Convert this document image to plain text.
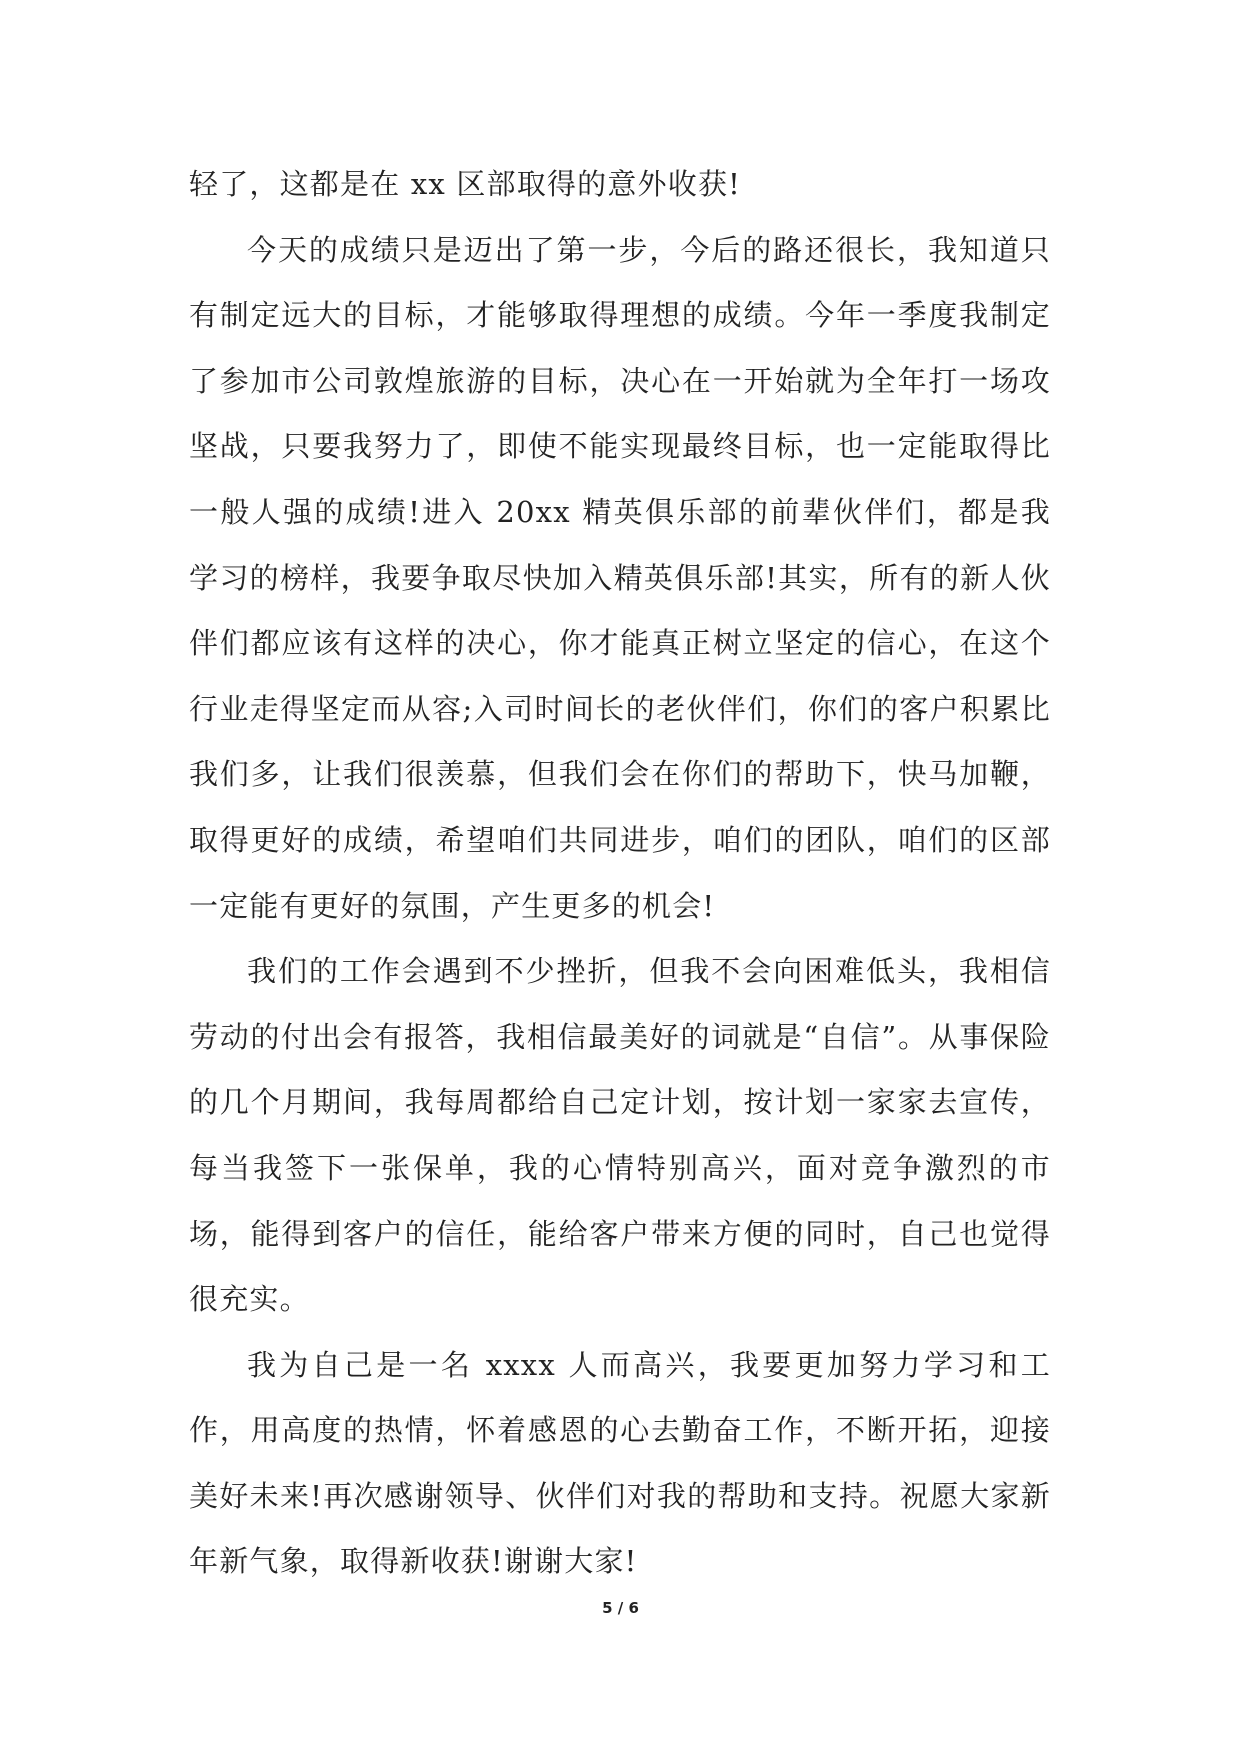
轻了，这都是在 xx 区部取得的意外收获!

今天的成绩只是迈出了第一步，今后的路还很长，我知道只有制定远大的目标，才能够取得理想的成绩。今年一季度我制定了参加市公司敦煌旅游的目标，决心在一开始就为全年打一场攻坚战，只要我努力了，即使不能实现最终目标，也一定能取得比一般人强的成绩!进入 20xx 精英俱乐部的前辈伙伴们，都是我学习的榜样，我要争取尽快加入精英俱乐部!其实，所有的新人伙伴们都应该有这样的决心，你才能真正树立坚定的信心，在这个行业走得坚定而从容;入司时间长的老伙伴们，你们的客户积累比我们多，让我们很羡慕，但我们会在你们的帮助下，快马加鞭，取得更好的成绩，希望咱们共同进步，咱们的团队，咱们的区部一定能有更好的氛围，产生更多的机会!

我们的工作会遇到不少挫折，但我不会向困难低头，我相信劳动的付出会有报答，我相信最美好的词就是“自信”。从事保险的几个月期间，我每周都给自己定计划，按计划一家家去宣传，每当我签下一张保单，我的心情特别高兴，面对竞争激烈的市场，能得到客户的信任，能给客户带来方便的同时，自己也觉得很充实。

我为自己是一名 xxxx 人而高兴，我要更加努力学习和工作，用高度的热情，怀着感恩的心去勤奋工作，不断开拓，迎接美好未来!再次感谢领导、伙伴们对我的帮助和支持。祝愿大家新年新气象，取得新收获!谢谢大家!

5 / 6
